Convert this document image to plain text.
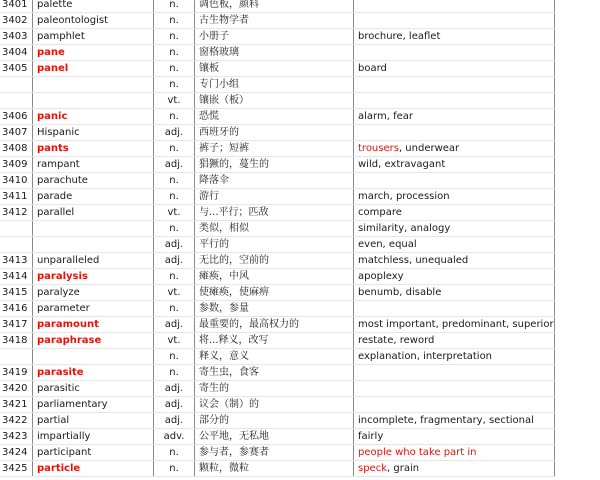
3401	palette	n.	调色板，颜料	
3402	paleontologist	n.	古生物学者	
3403	pamphlet	n.	小册子	brochure, leaflet
3404	pane	n.	窗格玻璃	
3405	panel	n.	镶板	board
		n.	专门小组	
		vt.	镶嵌（板）	
3406	panic	n.	恐慌	alarm, fear
3407	Hispanic	adj.	西班牙的	
3408	pants	n.	裤子；短裤	trousers, underwear
3409	rampant	adj.	猖獗的，蔓生的	wild, extravagant
3410	parachute	n.	降落伞	
3411	parade	n.	游行	march, procession
3412	parallel	vt.	与...平行；匹敌	compare
		n.	类似，相似	similarity, analogy
		adj.	平行的	even, equal
3413	unparalleled	adj.	无比的，空前的	matchless, unequaled
3414	paralysis	n.	瘫痪，中风	apoplexy
3415	paralyze	vt.	使瘫痪，使麻痹	benumb, disable
3416	parameter	n.	参数，参量	
3417	paramount	adj.	最重要的，最高权力的	most important, predominant, superior
3418	paraphrase	vt.	将...释义，改写	restate, reword
		n.	释义，意义	explanation, interpretation
3419	parasite	n.	寄生虫，食客	
3420	parasitic	adj.	寄生的	
3421	parliamentary	adj.	议会（制）的	
3422	partial	adj.	部分的	incomplete, fragmentary, sectional
3423	impartially	adv.	公平地，无私地	fairly
3424	participant	n.	参与者，参赛者	people who take part in
3425	particle	n.	颗粒，微粒	speck, grain
